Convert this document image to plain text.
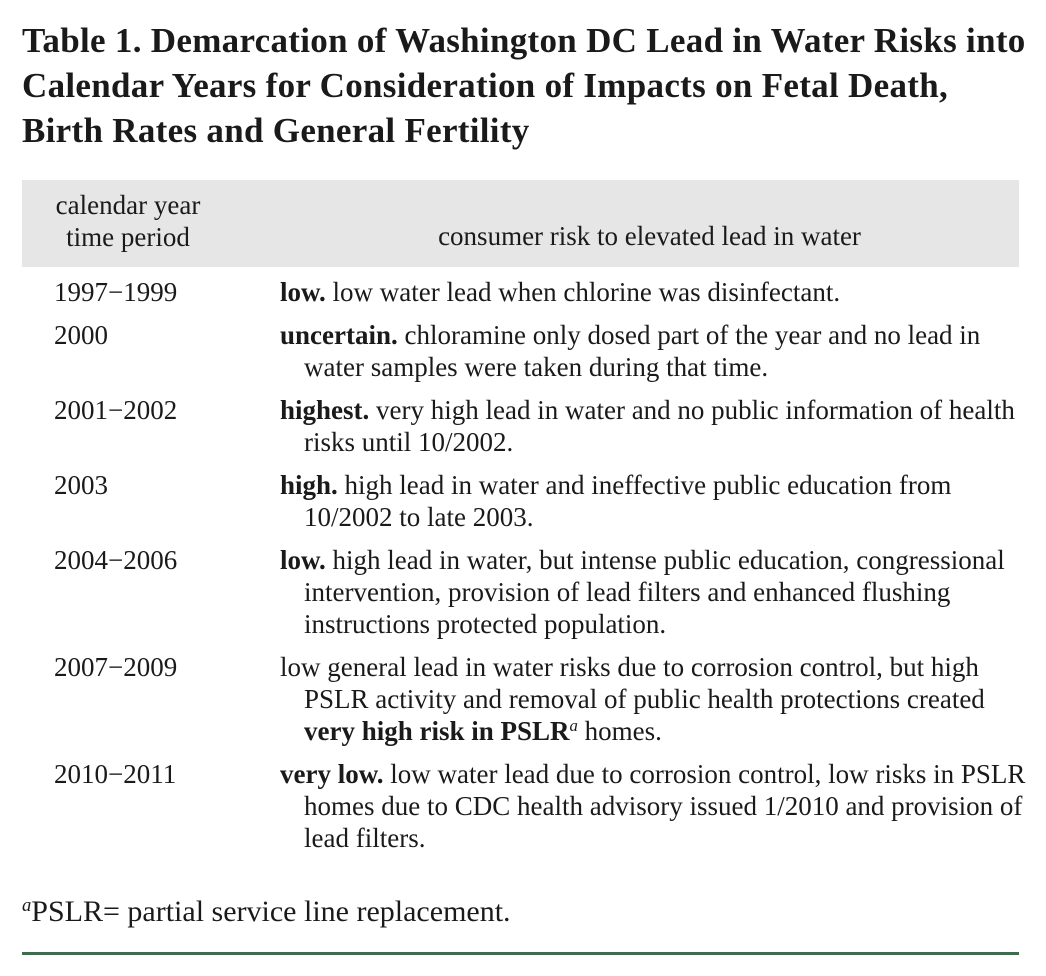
Table 1. Demarcation of Washington DC Lead in Water Risks into Calendar Years for Consideration of Impacts on Fetal Death, Birth Rates and General Fertility
calendar year
time period	consumer risk to elevated lead in water
1997−1999	low. low water lead when chlorine was disinfectant.
2000	uncertain. chloramine only dosed part of the year and no lead in water samples were taken during that time.
2001−2002	highest. very high lead in water and no public information of health risks until 10/2002.
2003	high. high lead in water and ineffective public education from 10/2002 to late 2003.
2004−2006	low. high lead in water, but intense public education, congressional intervention, provision of lead filters and enhanced flushing instructions protected population.
2007−2009	low general lead in water risks due to corrosion control, but high PSLR activity and removal of public health protections created very high risk in PSLR$^a$ homes.
2010−2011	very low. low water lead due to corrosion control, low risks in PSLR homes due to CDC health advisory issued 1/2010 and provision of lead filters.
$^a$PSLR= partial service line replacement.
